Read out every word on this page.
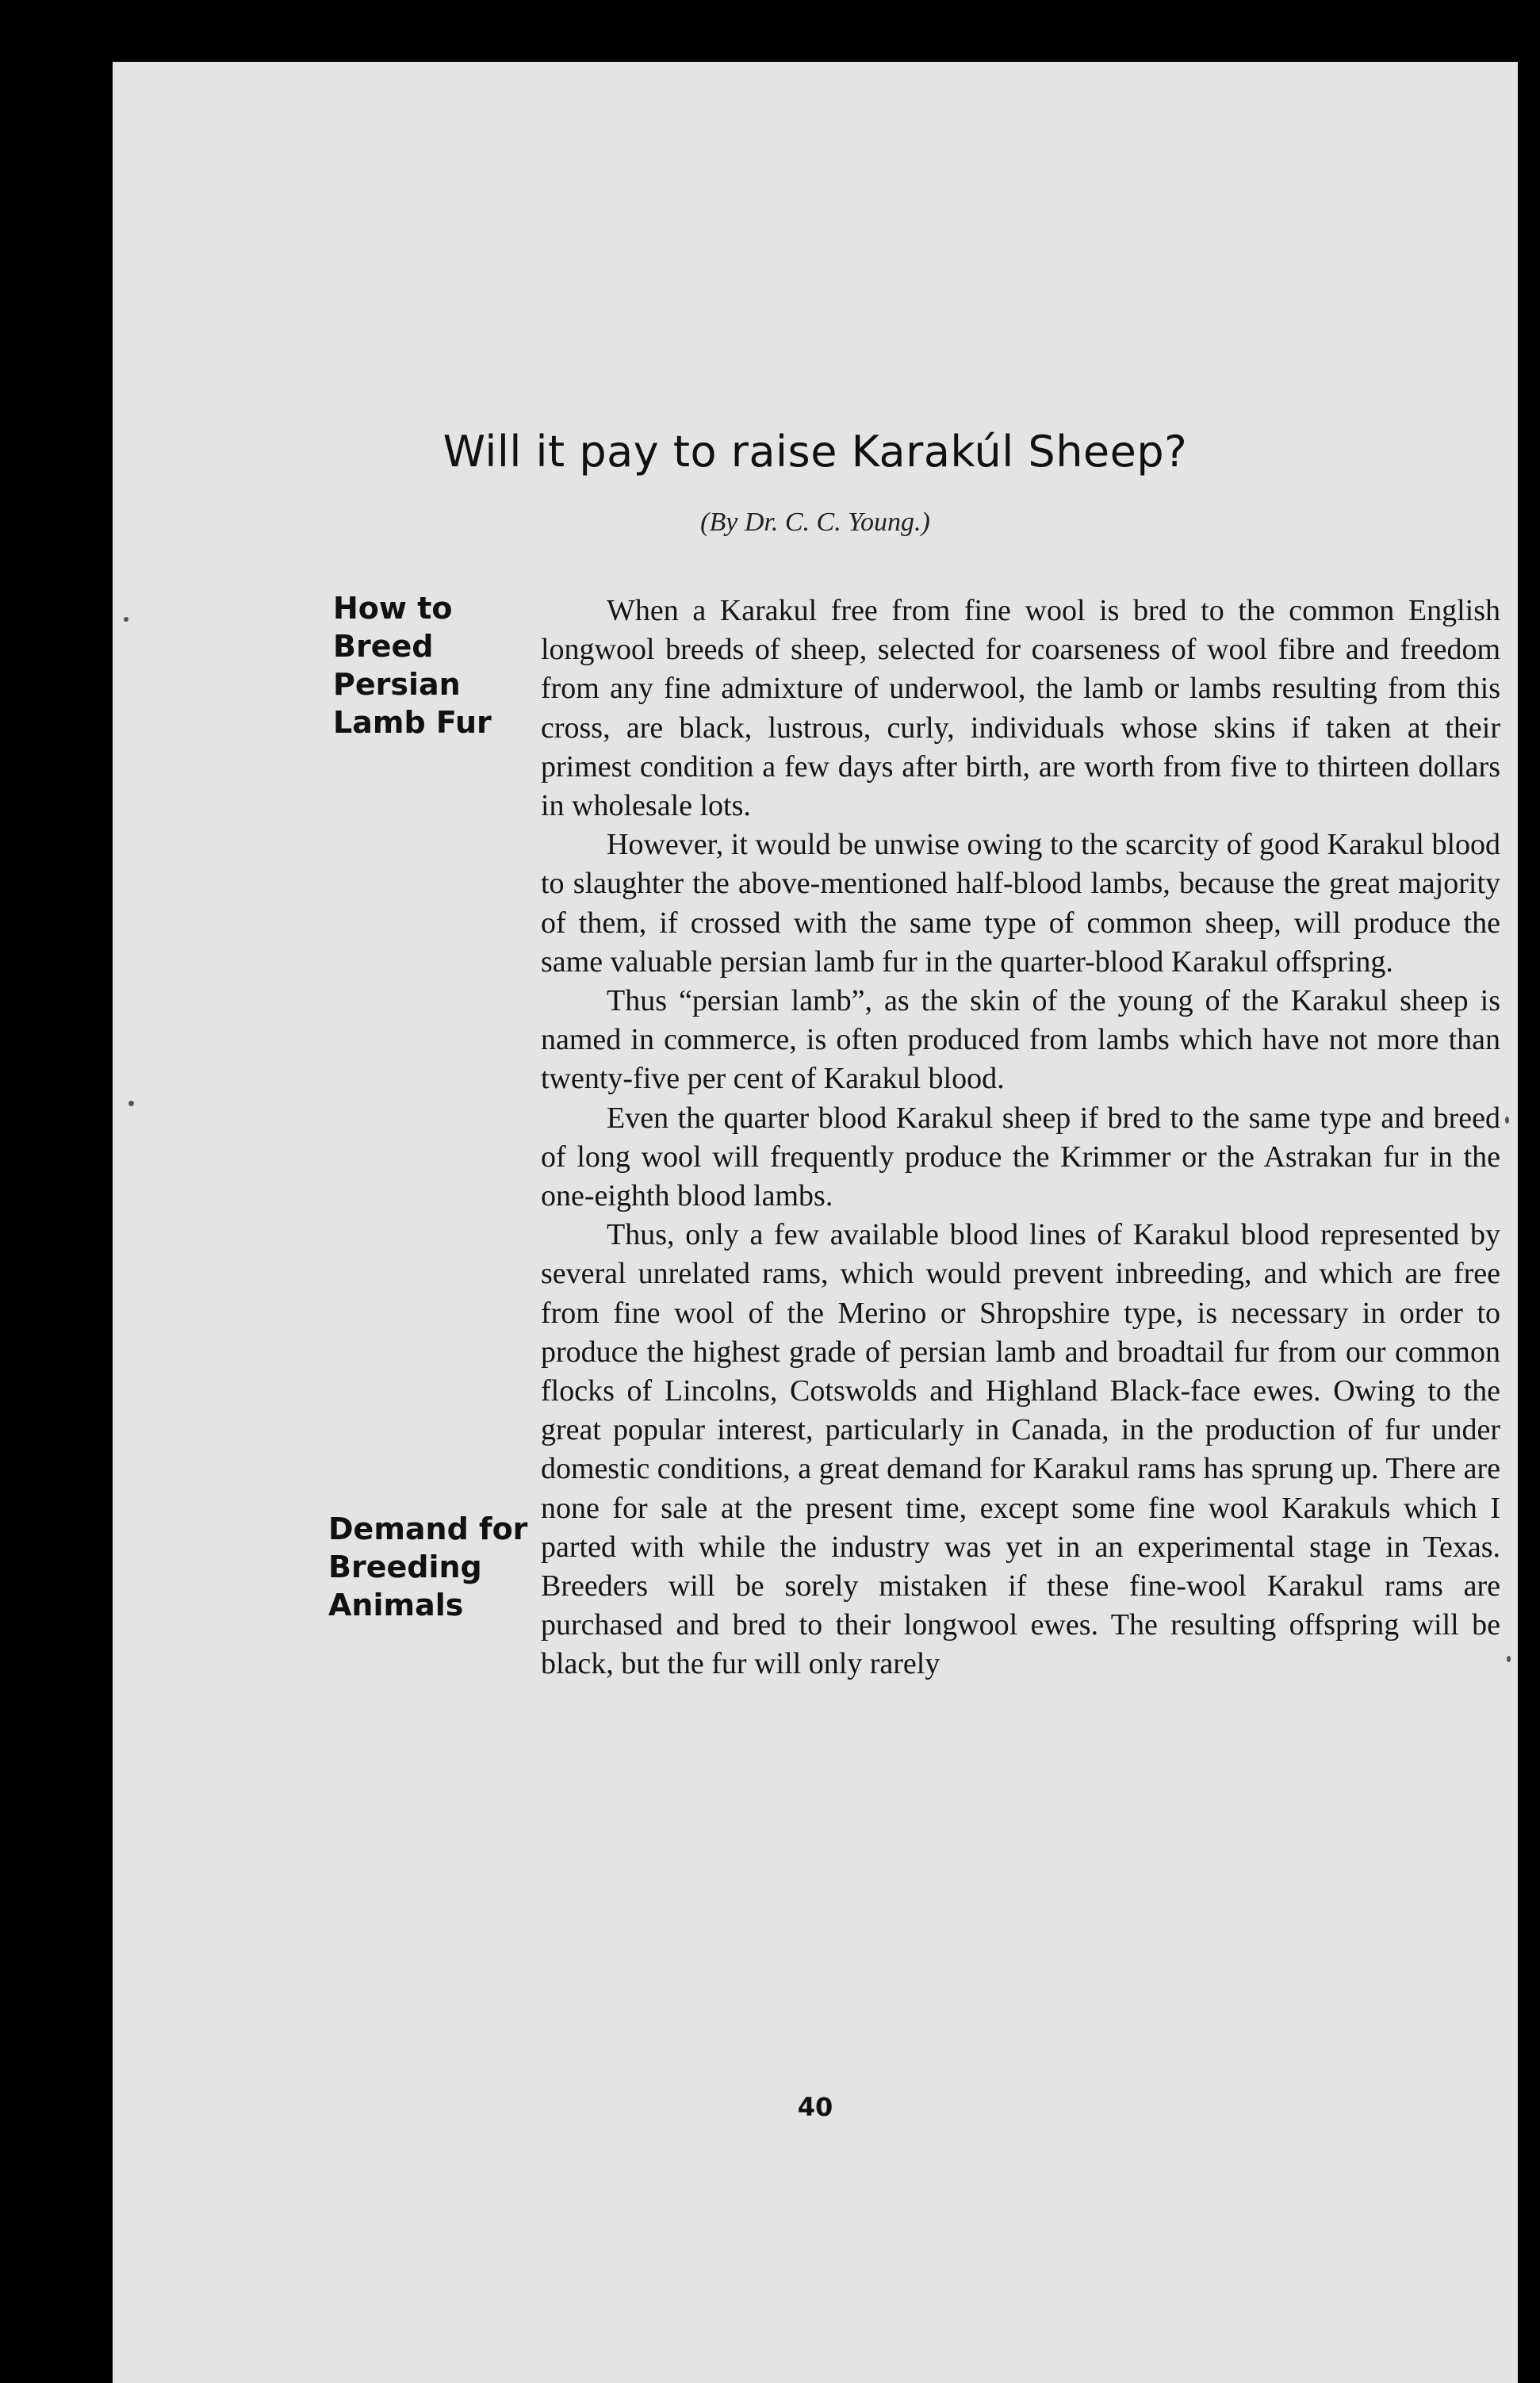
Will it pay to raise Karakúl Sheep?
(By Dr. C. C. Young.)
How to
Breed
Persian
Lamb Fur
Demand for
Breeding
Animals

When a Karakul free from fine wool is bred to the common English longwool breeds of sheep, selected for coarseness of wool fibre and freedom from any fine admixture of underwool, the lamb or lambs resulting from this cross, are black, lustrous, curly, individuals whose skins if taken at their primest condition a few days after birth, are worth from five to thirteen dollars in wholesale lots.

However, it would be unwise owing to the scarcity of good Karakul blood to slaughter the above-mentioned half-blood lambs, because the great majority of them, if crossed with the same type of common sheep, will produce the same valuable persian lamb fur in the quarter-blood Karakul offspring.

Thus “persian lamb”, as the skin of the young of the Karakul sheep is named in commerce, is often produced from lambs which have not more than twenty-five per cent of Karakul blood.

Even the quarter blood Karakul sheep if bred to the same type and breed of long wool will frequently produce the Krimmer or the Astrakan fur in the one-eighth blood lambs.

Thus, only a few available blood lines of Karakul blood represented by several unrelated rams, which would prevent inbreeding, and which are free from fine wool of the Merino or Shropshire type, is necessary in order to produce the highest grade of persian lamb and broadtail fur from our common flocks of Lincolns, Cotswolds and Highland Black-face ewes. Owing to the great popular interest, particularly in Canada, in the production of fur under domestic conditions, a great demand for Karakul rams has sprung up. There are none for sale at the present time, except some fine wool Karakuls which I parted with while the industry was yet in an experimental stage in Texas. Breeders will be sorely mistaken if these fine-wool Karakul rams are purchased and bred to their longwool ewes. The resulting offspring will be black, but the fur will only rarely

40
